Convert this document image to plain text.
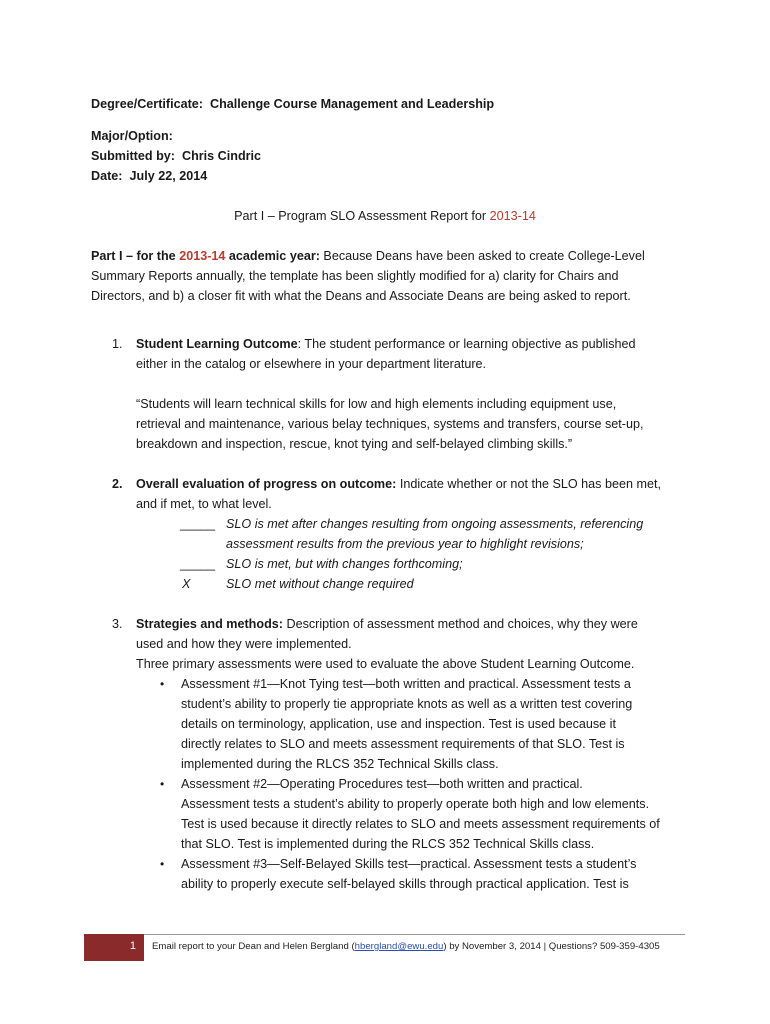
Degree/Certificate: Challenge Course Management and Leadership
Major/Option:
Submitted by: Chris Cindric
Date: July 22, 2014
Part I – Program SLO Assessment Report for 2013-14
Part I – for the 2013-14 academic year: Because Deans have been asked to create College-Level
Summary Reports annually, the template has been slightly modified for a) clarity for Chairs and
Directors, and b) a closer fit with what the Deans and Associate Deans are being asked to report.
1. Student Learning Outcome: The student performance or learning objective as published
either in the catalog or elsewhere in your department literature.
“Students will learn technical skills for low and high elements including equipment use,
retrieval and maintenance, various belay techniques, systems and transfers, course set-up,
breakdown and inspection, rescue, knot tying and self-belayed climbing skills.”
2. Overall evaluation of progress on outcome: Indicate whether or not the SLO has been met,
and if met, to what level.
_____ SLO is met after changes resulting from ongoing assessments, referencing
assessment results from the previous year to highlight revisions;
_____ SLO is met, but with changes forthcoming;
X	SLO met without change required
3. Strategies and methods: Description of assessment method and choices, why they were
used and how they were implemented.
Three primary assessments were used to evaluate the above Student Learning Outcome.
• Assessment #1—Knot Tying test—both written and practical. Assessment tests a
student’s ability to properly tie appropriate knots as well as a written test covering
details on terminology, application, use and inspection. Test is used because it
directly relates to SLO and meets assessment requirements of that SLO. Test is
implemented during the RLCS 352 Technical Skills class.
• Assessment #2—Operating Procedures test—both written and practical.
Assessment tests a student’s ability to properly operate both high and low elements.
Test is used because it directly relates to SLO and meets assessment requirements of
that SLO. Test is implemented during the RLCS 352 Technical Skills class.
• Assessment #3—Self-Belayed Skills test—practical. Assessment tests a student’s
ability to properly execute self-belayed skills through practical application. Test is
1 Email report to your Dean and Helen Bergland (hbergland@ewu.edu) by November 3, 2014 | Questions? 509-359-4305
